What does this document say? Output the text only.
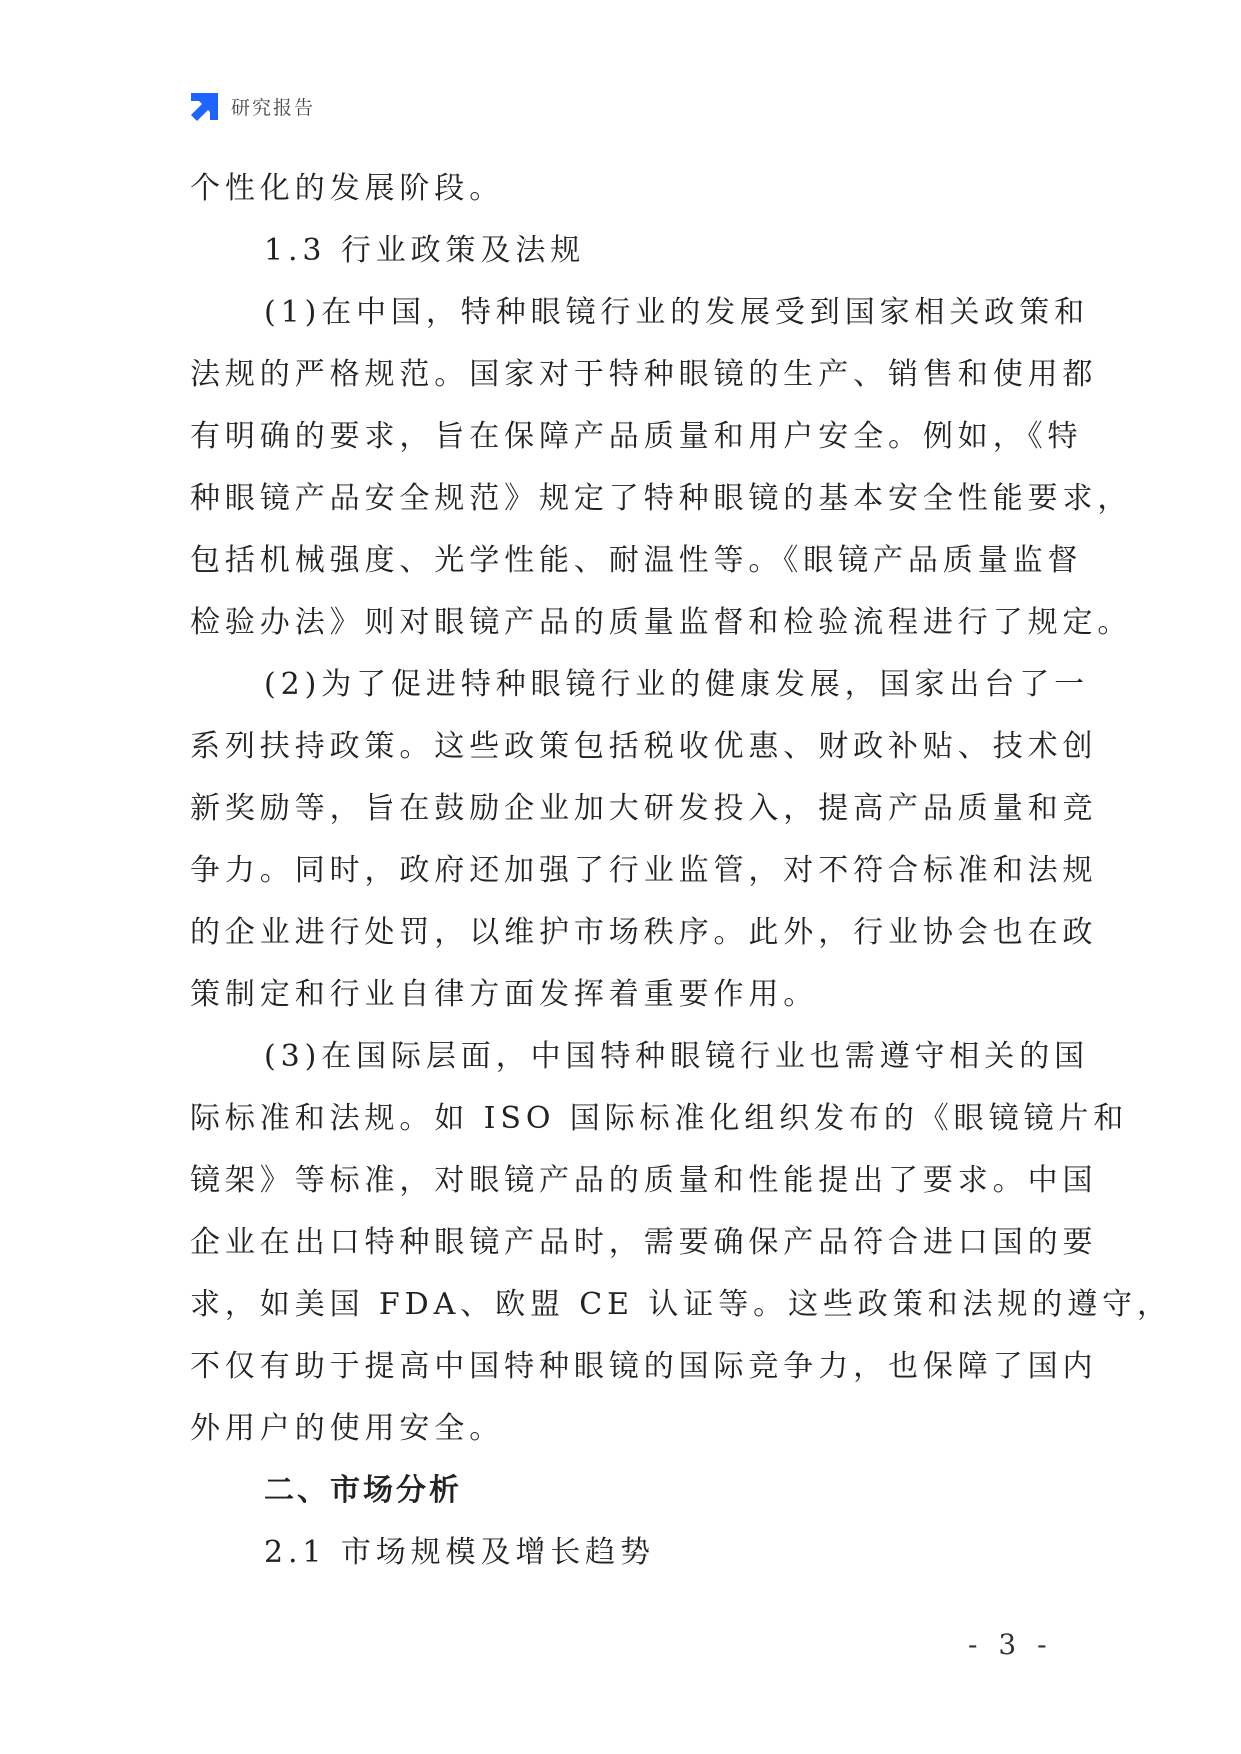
研究报告
个性化的发展阶段。
1.3 行业政策及法规
(1)在中国，特种眼镜行业的发展受到国家相关政策和
法规的严格规范。国家对于特种眼镜的生产、销售和使用都
有明确的要求，旨在保障产品质量和用户安全。例如，《特
种眼镜产品安全规范》规定了特种眼镜的基本安全性能要求，
包括机械强度、光学性能、耐温性等。《眼镜产品质量监督
检验办法》则对眼镜产品的质量监督和检验流程进行了规定。
(2)为了促进特种眼镜行业的健康发展，国家出台了一
系列扶持政策。这些政策包括税收优惠、财政补贴、技术创
新奖励等，旨在鼓励企业加大研发投入，提高产品质量和竞
争力。同时，政府还加强了行业监管，对不符合标准和法规
的企业进行处罚，以维护市场秩序。此外，行业协会也在政
策制定和行业自律方面发挥着重要作用。
(3)在国际层面，中国特种眼镜行业也需遵守相关的国
际标准和法规。如 ISO 国际标准化组织发布的《眼镜镜片和
镜架》等标准，对眼镜产品的质量和性能提出了要求。中国
企业在出口特种眼镜产品时，需要确保产品符合进口国的要
求，如美国 FDA、欧盟 CE 认证等。这些政策和法规的遵守，
不仅有助于提高中国特种眼镜的国际竞争力，也保障了国内
外用户的使用安全。
二、市场分析
2.1 市场规模及增长趋势
- 3 -
